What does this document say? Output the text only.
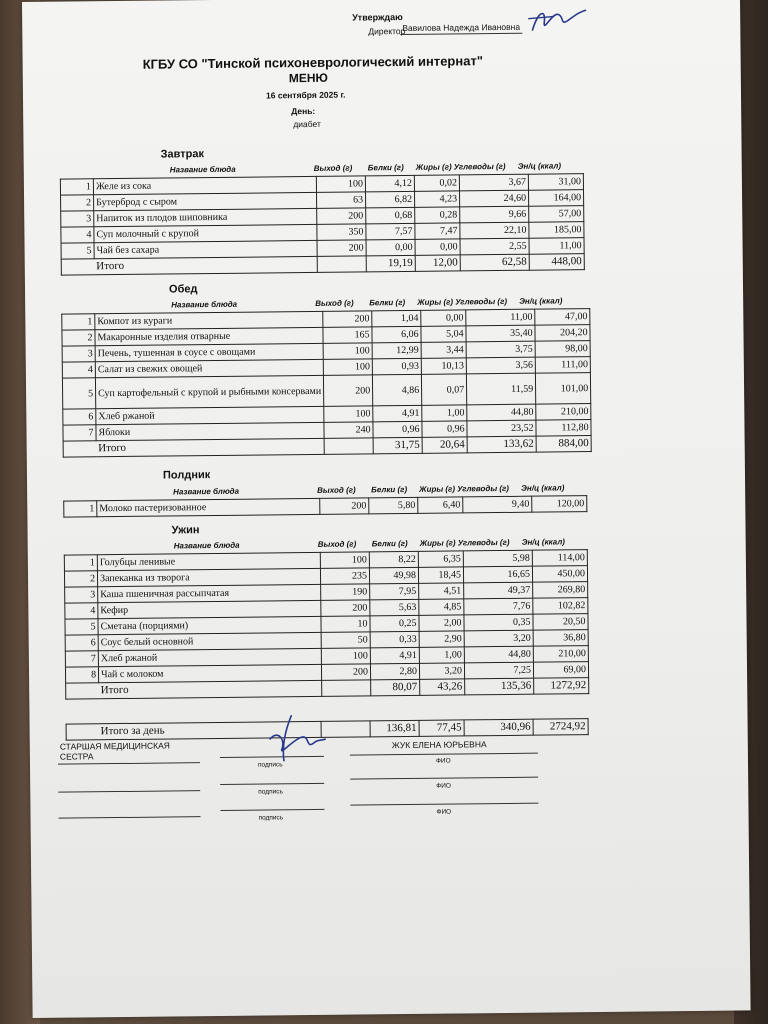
Утверждаю
Директор
Вавилова Надежда Ивановна
КГБУ СО "Тинской психоневрологический интернат"
МЕНЮ
16 сентября 2025 г.
День:
диабет
Завтрак
Название блюда	Выход (г) Белки (г) Жиры (г) Углеводы (г) Эн/ц (ккал)
1	Желе из сока	100	4,12	0,02	3,67	31,00
2	Бутерброд с сыром	63	6,82	4,23	24,60	164,00
3	Напиток из плодов шиповника	200	0,68	0,28	9,66	57,00
4	Суп молочный с крупой	350	7,57	7,47	22,10	185,00
5	Чай без сахара	200	0,00	0,00	2,55	11,00
	Итого		19,19	12,00	62,58	448,00
Обед
Название блюда	Выход (г) Белки (г) Жиры (г) Углеводы (г) Эн/ц (ккал)
1	Компот из кураги	200	1,04	0,00	11,00	47,00
2	Макаронные изделия отварные	165	6,06	5,04	35,40	204,20
3	Печень, тушенная в соусе с овощами	100	12,99	3,44	3,75	98,00
4	Салат из свежих овощей	100	0,93	10,13	3,56	111,00
5	Суп картофельный с крупой и рыбными консервами	200	4,86	0,07	11,59	101,00
6	Хлеб ржаной	100	4,91	1,00	44,80	210,00
7	Яблоки	240	0,96	0,96	23,52	112,80
	Итого		31,75	20,64	133,62	884,00
Полдник
Название блюда	Выход (г) Белки (г) Жиры (г) Углеводы (г) Эн/ц (ккал)
1	Молоко пастеризованное	200	5,80	6,40	9,40	120,00
Ужин
Название блюда	Выход (г) Белки (г) Жиры (г) Углеводы (г) Эн/ц (ккал)
1	Голубцы ленивые	100	8,22	6,35	5,98	114,00
2	Запеканка из творога	235	49,98	18,45	16,65	450,00
3	Каша пшеничная рассыпчатая	190	7,95	4,51	49,37	269,80
4	Кефир	200	5,63	4,85	7,76	102,82
5	Сметана (порциями)	10	0,25	2,00	0,35	20,50
6	Соус белый основной	50	0,33	2,90	3,20	36,80
7	Хлеб ржаной	100	4,91	1,00	44,80	210,00
8	Чай с молоком	200	2,80	3,20	7,25	69,00
	Итого		80,07	43,26	135,36	1272,92
	Итого за день		136,81	77,45	340,96	2724,92
СТАРШАЯ МЕДИЦИНСКАЯ СЕСТРА
подпись
ЖУК ЕЛЕНА ЮРЬЕВНА
ФИО
подпись
ФИО
подпись
ФИО
